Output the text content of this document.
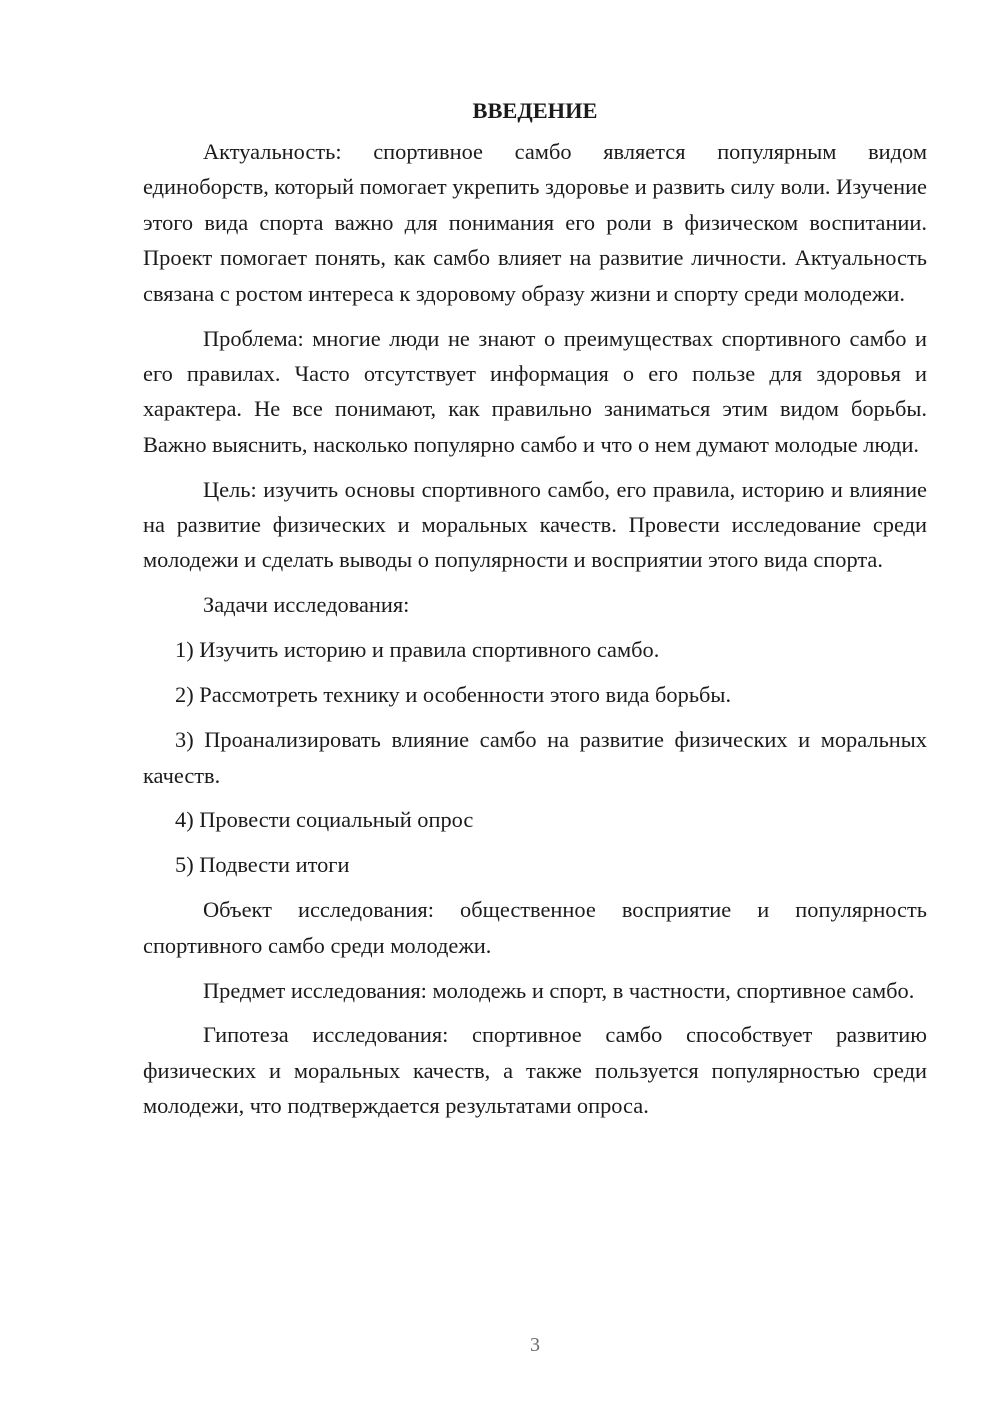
ВВЕДЕНИЕ

Актуальность: спортивное самбо является популярным видом единоборств, который помогает укрепить здоровье и развить силу воли. Изучение этого вида спорта важно для понимания его роли в физическом воспитании. Проект помогает понять, как самбо влияет на развитие личности. Актуальность связана с ростом интереса к здоровому образу жизни и спорту среди молодежи.

Проблема: многие люди не знают о преимуществах спортивного самбо и его правилах. Часто отсутствует информация о его пользе для здоровья и характера. Не все понимают, как правильно заниматься этим видом борьбы. Важно выяснить, насколько популярно самбо и что о нем думают молодые люди.

Цель: изучить основы спортивного самбо, его правила, историю и влияние на развитие физических и моральных качеств. Провести исследование среди молодежи и сделать выводы о популярности и восприятии этого вида спорта.

Задачи исследования:

1) Изучить историю и правила спортивного самбо.

2) Рассмотреть технику и особенности этого вида борьбы.

3) Проанализировать влияние самбо на развитие физических и моральных качеств.

4) Провести социальный опрос

5) Подвести итоги

Объект исследования: общественное восприятие и популярность спортивного самбо среди молодежи.

Предмет исследования: молодежь и спорт, в частности, спортивное самбо.

Гипотеза исследования: спортивное самбо способствует развитию физических и моральных качеств, а также пользуется популярностью среди молодежи, что подтверждается результатами опроса.

3
